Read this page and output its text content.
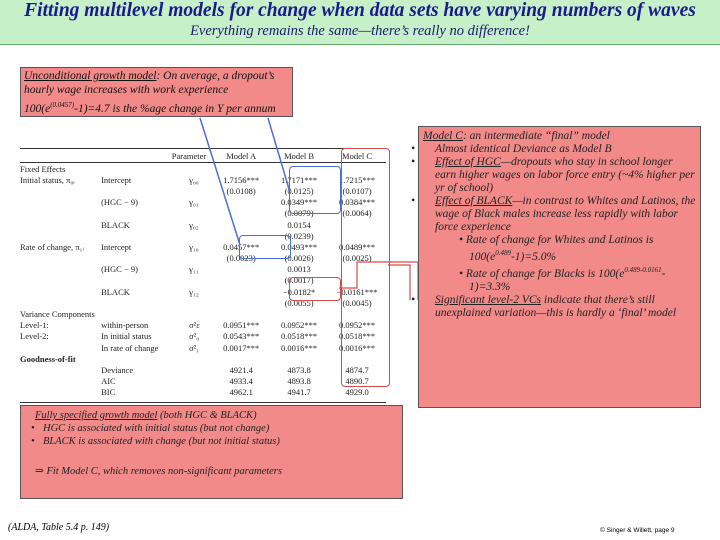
Fitting multilevel models for change when data sets have varying numbers of waves
Everything remains the same—there’s really no difference!
Unconditional growth model: On average, a dropout’s
hourly wage increases with work experience
$100(e^{(0.0457)}-1)=4.7$ is the %age change in Y per annum
	Parameter		Model A	Model B	Model C
Fixed Effects					
Initial status, π₀ᵢ	Intercept	γ₀₀	1.7156***	1.7171***	1.7215***
			(0.0108)	(0.0125)	(0.0107)
	(HGC − 9)	γ₀₁		0.0349***	0.0384***
				(0.0079)	(0.0064)
	BLACK	γ₀₂		0.0154	
				(0.0239)	
Rate of change, π₁ᵢ	Intercept	γ₁₀	0.0457***	0.0493***	0.0489***
			(0.0023)	(0.0026)	(0.0025)
	(HGC − 9)	γ₁₁		0.0013	
				(0.0017)	
	BLACK	γ₁₂		−0.0182*	−0.0161***
				(0.0055)	(0.0045)
Variance Components					
Level-1:	within-person	σ²ε	0.0951***	0.0952***	0.0952***
Level-2:	In initial status	σ²₀	0.0543***	0.0518***	0.0518***
	In rate of change	σ²₁	0.0017***	0.0016***	0.0016***
Goodness-of-fit					
	Deviance		4921.4	4873.8	4874.7
	AIC		4933.4	4893.8	4890.7
	BIC		4962.1	4941.7	4929.0

Model C: an intermediate “final” model
• Almost identical Deviance as Model B
• Effect of HGC—dropouts who stay in school longer earn higher wages on labor force entry (~4% higher per yr of school)
• Effect of BLACK—in contrast to Whites and Latinos, the wage of Black males increase less rapidly with labor force experience
• Rate of change for Whites and Latinos is $100(e^{0.489}-1)=5.0\%$
• Rate of change for Blacks is $100(e^{0.489-0.0161}-1)=3.3\%$
• Significant level-2 VCs indicate that there’s still unexplained variation—this is hardly a ‘final’ model
Fully specified growth model (both HGC & BLACK)
• HGC is associated with initial status (but not change)
• BLACK is associated with change (but not initial status)
⇒ Fit Model C, which removes non-significant parameters
(ALDA, Table 5.4 p. 149)	© Singer & Willett, page 9
